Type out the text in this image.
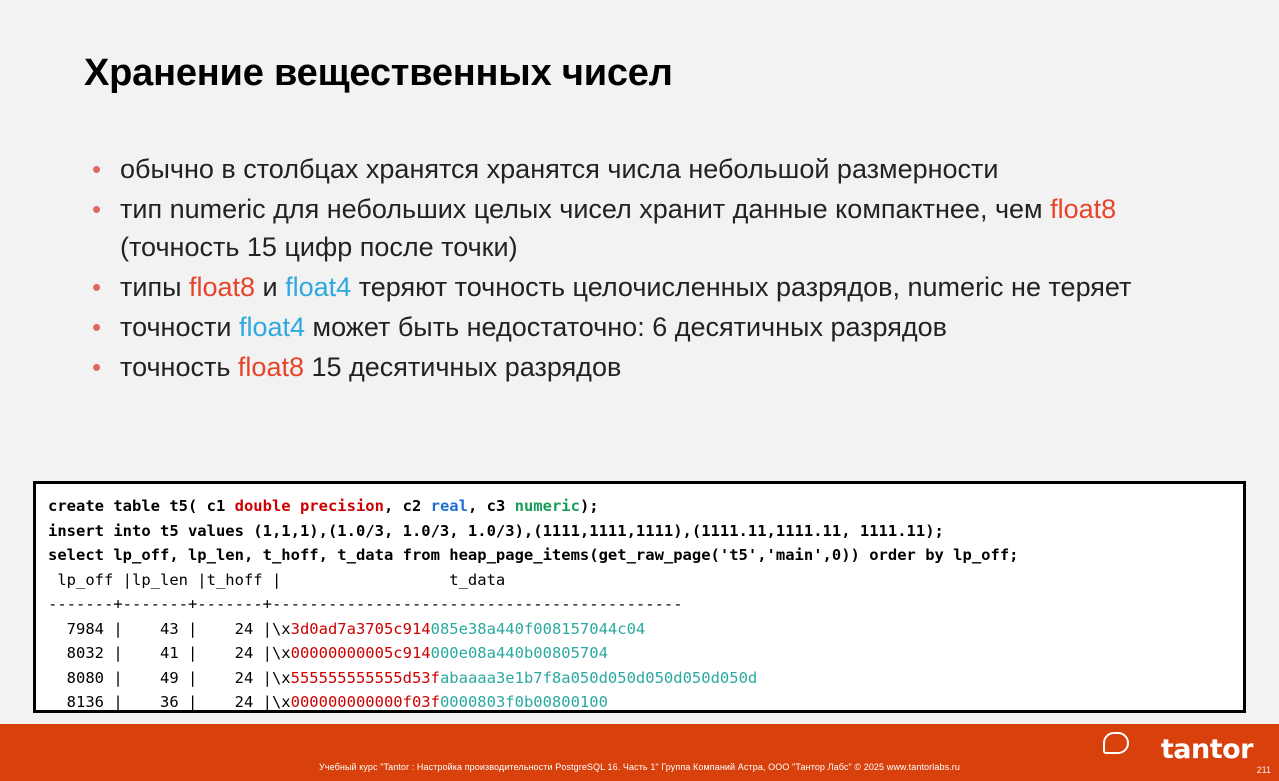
Хранение вещественных чисел
• обычно в столбцах хранятся хранятся числа небольшой размерности
• тип numeric для небольших целых чисел хранит данные компактнее, чем float8 (точность 15 цифр после точки)
• типы float8 и float4 теряют точность целочисленных разрядов, numeric не теряет
• точности float4 может быть недостаточно: 6 десятичных разрядов
• точность float8 15 десятичных разрядов
create table t5( c1 double precision, c2 real, c3 numeric);
insert into t5 values (1,1,1),(1.0/3, 1.0/3, 1.0/3),(1111,1111,1111),(1111.11,1111.11, 1111.11);
select lp_off, lp_len, t_hoff, t_data from heap_page_items(get_raw_page('t5','main',0)) order by lp_off;
lp_off |lp_len |t_hoff |                  t_data
-------+-------+-------+--------------------------------------------
7984 |    43 |    24 |\x3d0ad7a3705c914085e38a440f008157044c04
8032 |    41 |    24 |\x00000000005c914000e08a440b00805704
8080 |    49 |    24 |\x555555555555d53fabaaaa3e1b7f8a050d050d050d050d050d
8136 |    36 |    24 |\x000000000000f03f0000803f0b00800100
tantor
Учебный курс "Tantor : Настройка производительности PostgreSQL 16. Часть 1" Группа Компаний Астра, ООО "Тантор Лабс" © 2025 www.tantorlabs.ru	211
